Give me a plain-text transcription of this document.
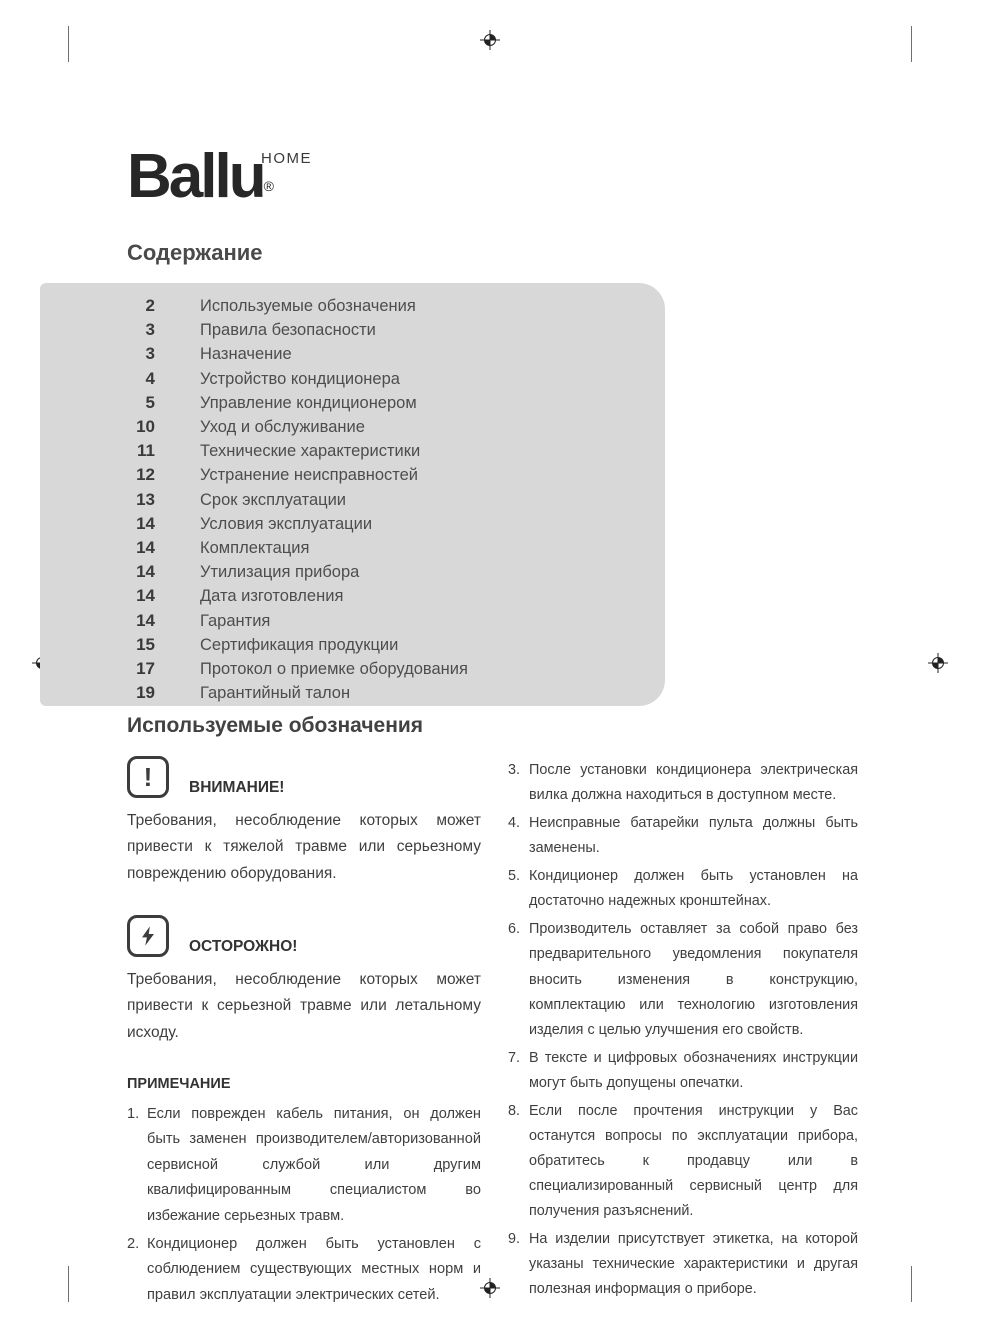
HOME
Ballu®
Содержание
2	Используемые обозначения
3	Правила безопасности
3	Назначение
4	Устройство кондиционера
5	Управление кондиционером
10	Уход и обслуживание
11	Технические характеристики
12	Устранение неисправностей
13	Срок эксплуатации
14	Условия эксплуатации
14	Комплектация
14	Утилизация прибора
14	Дата изготовления
14	Гарантия
15	Сертификация продукции
17	Протокол о приемке оборудования
19	Гарантийный талон
Используемые обозначения
!	ВНИМАНИЕ!

Требования, несоблюдение которых может привести к тяжелой травме или серьезному повреждению оборудования.

ОСТОРОЖНО!

Требования, несоблюдение которых может привести к серьезной травме или летальному исходу.

ПРИМЕЧАНИЕ
1. Если поврежден кабель питания, он должен быть заменен производителем/авторизованной сервисной службой или другим квалифицированным специалистом во избежание серьезных травм.
2. Кондиционер должен быть установлен с соблюдением существующих местных норм и правил эксплуатации электрических сетей.
3. После установки кондиционера электрическая вилка должна находиться в доступном месте.
4. Неисправные батарейки пульта должны быть заменены.
5. Кондиционер должен быть установлен на достаточно надежных кронштейнах.
6. Производитель оставляет за собой право без предварительного уведомления покупателя вносить изменения в конструкцию, комплектацию или технологию изготовления изделия с целью улучшения его свойств.
7. В тексте и цифровых обозначениях инструкции могут быть допущены опечатки.
8. Если после прочтения инструкции у Вас останутся вопросы по эксплуатации прибора, обратитесь к продавцу или в специализированный сервисный центр для получения разъяснений.
9. На изделии присутствует этикетка, на которой указаны технические характеристики и другая полезная информация о приборе.
